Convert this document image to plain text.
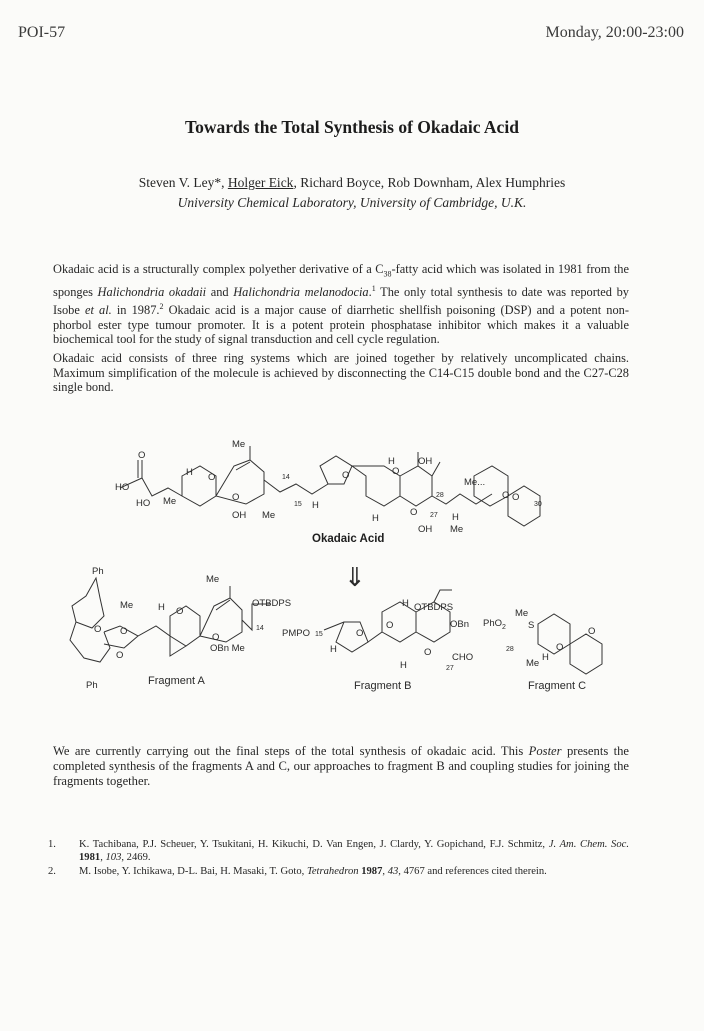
POI-57	Monday, 20:00-23:00
Towards the Total Synthesis of Okadaic Acid
Steven V. Ley*, Holger Eick, Richard Boyce, Rob Downham, Alex Humphries
University Chemical Laboratory, University of Cambridge, U.K.
Okadaic acid is a structurally complex polyether derivative of a $C_{38}$-fatty acid which was isolated in 1981 from the sponges Halichondria okadaii and Halichondria melanodocia.$^1$ The only total synthesis to date was reported by Isobe et al. in 1987.$^2$ Okadaic acid is a major cause of diarrhetic shellfish poisoning (DSP) and a potent non-phorbol ester type tumour promoter. It is a potent protein phosphatase inhibitor which makes it a valuable biochemical tool for the study of signal transduction and cell cycle regulation.
Okadaic acid consists of three ring systems which are joined together by relatively uncomplicated chains. Maximum simplification of the molecule is achieved by disconnecting the C14-C15 double bond and the C27-C28 single bond.
HO
O
HO Me
H O
Me
O
OH
14
15
Me
H
O
H
O
O
OH
H	27
28
OH Me
H
Me...
O O
30
Okadaic Acid
⇓
Ph
O O
O
Ph
Me	H O
Me
O
OTBDPS
14
OBn Me
Fragment A
PMPO 15
H
O
H
O
OTBDPS
OBn
O
H
CHO
27
Fragment B
PhO$_2$ S
Me
28
H
Me
O
O
Fragment C
We are currently carrying out the final steps of the total synthesis of okadaic acid. This Poster presents the completed synthesis of the fragments A and C, our approaches to fragment B and coupling studies for joining the fragments together.
1.	K. Tachibana, P.J. Scheuer, Y. Tsukitani, H. Kikuchi, D. Van Engen, J. Clardy, Y. Gopichand, F.J. Schmitz, J. Am. Chem. Soc. 1981, 103, 2469.
2.	M. Isobe, Y. Ichikawa, D-L. Bai, H. Masaki, T. Goto, Tetrahedron 1987, 43, 4767 and references cited therein.
